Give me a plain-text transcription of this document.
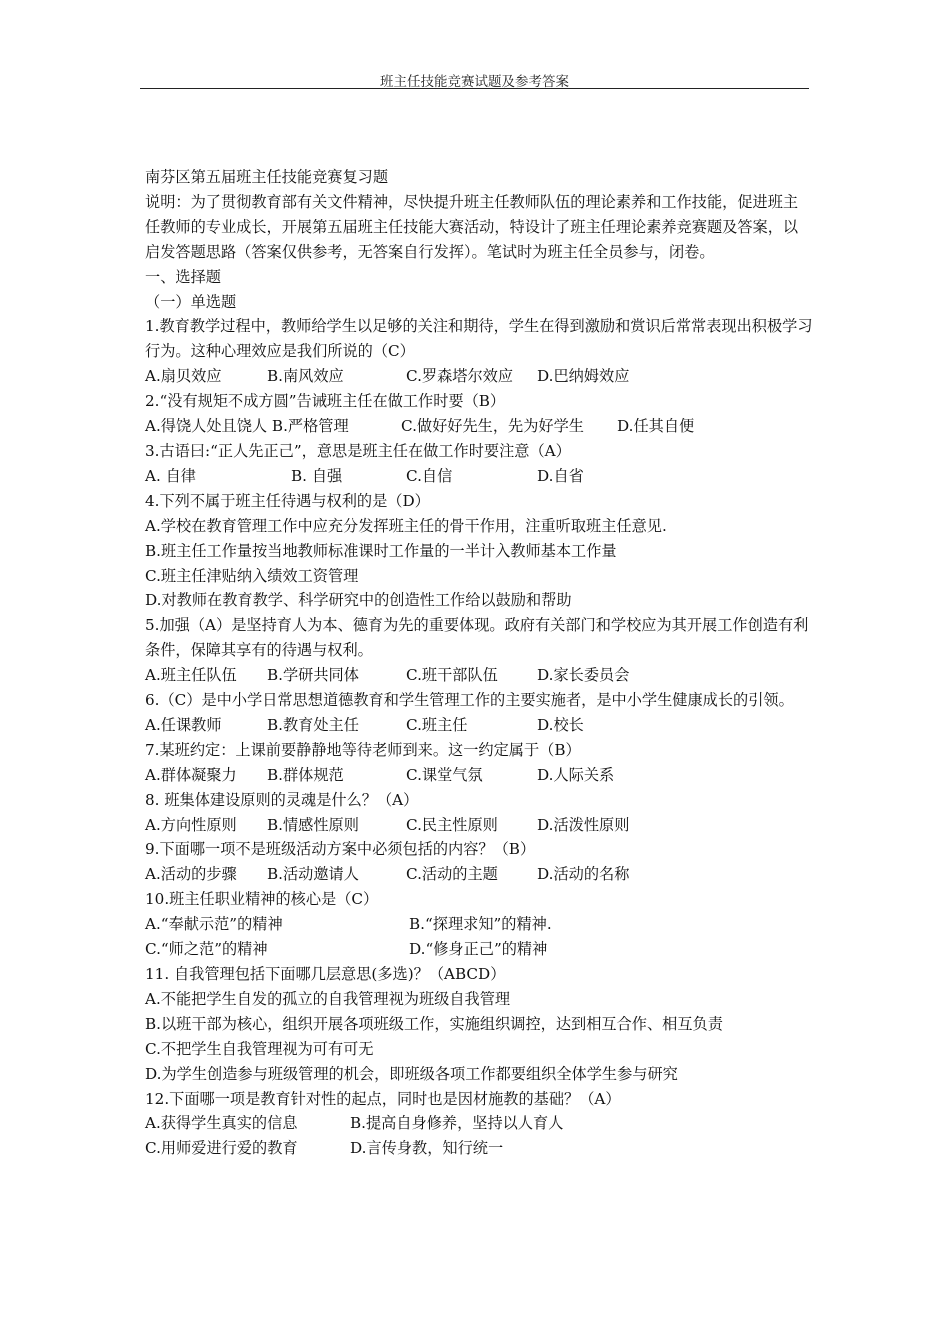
班主任技能竞赛试题及参考答案
南芬区第五届班主任技能竞赛复习题
说明：为了贯彻教育部有关文件精神，尽快提升班主任教师队伍的理论素养和工作技能，促进班主任教师的专业成长，开展第五届班主任技能大赛活动，特设计了班主任理论素养竞赛题及答案，以启发答题思路（答案仅供参考，无答案自行发挥）。笔试时为班主任全员参与，闭卷。
一、选择题
（一）单选题
1.教育教学过程中，教师给学生以足够的关注和期待，学生在得到激励和赏识后常常表现出积极学习行为。这种心理效应是我们所说的（C）
A.扇贝效应	B.南风效应	C.罗森塔尔效应	D.巴纳姆效应
2.“没有规矩不成方圆”告诫班主任在做工作时要（B）
A.得饶人处且饶人 B.严格管理	C.做好好先生，先为好学生	D.任其自便
3.古语曰:“正人先正己”，意思是班主任在做工作时要注意（A）
A. 自律	B. 自强	C.自信	D.自省
4.下列不属于班主任待遇与权利的是（D）
A.学校在教育管理工作中应充分发挥班主任的骨干作用，注重听取班主任意见.
B.班主任工作量按当地教师标准课时工作量的一半计入教师基本工作量
C.班主任津贴纳入绩效工资管理
D.对教师在教育教学、科学研究中的创造性工作给以鼓励和帮助
5.加强（A）是坚持育人为本、德育为先的重要体现。政府有关部门和学校应为其开展工作创造有利条件，保障其享有的待遇与权利。
A.班主任队伍	B.学研共同体	C.班干部队伍	D.家长委员会
6.（C）是中小学日常思想道德教育和学生管理工作的主要实施者，是中小学生健康成长的引领。
A.任课教师	B.教育处主任	C.班主任	D.校长
7.某班约定：上课前要静静地等待老师到来。这一约定属于（B）
A.群体凝聚力	B.群体规范	C.课堂气氛	D.人际关系
8. 班集体建设原则的灵魂是什么？（A）
A.方向性原则	B.情感性原则	C.民主性原则	D.活泼性原则
9.下面哪一项不是班级活动方案中必须包括的内容？（B）
A.活动的步骤	B.活动邀请人	C.活动的主题	D.活动的名称
10.班主任职业精神的核心是（C）
A.“奉献示范”的精神	B.“探理求知”的精神.
C.“师之范”的精神	D.“修身正己”的精神
11. 自我管理包括下面哪几层意思(多选)？（ABCD）
A.不能把学生自发的孤立的自我管理视为班级自我管理
B.以班干部为核心，组织开展各项班级工作，实施组织调控，达到相互合作、相互负责
C.不把学生自我管理视为可有可无
D.为学生创造参与班级管理的机会，即班级各项工作都要组织全体学生参与研究
12.下面哪一项是教育针对性的起点，同时也是因材施教的基础？（A）
A.获得学生真实的信息	B.提高自身修养，坚持以人育人
C.用师爱进行爱的教育	D.言传身教，知行统一
